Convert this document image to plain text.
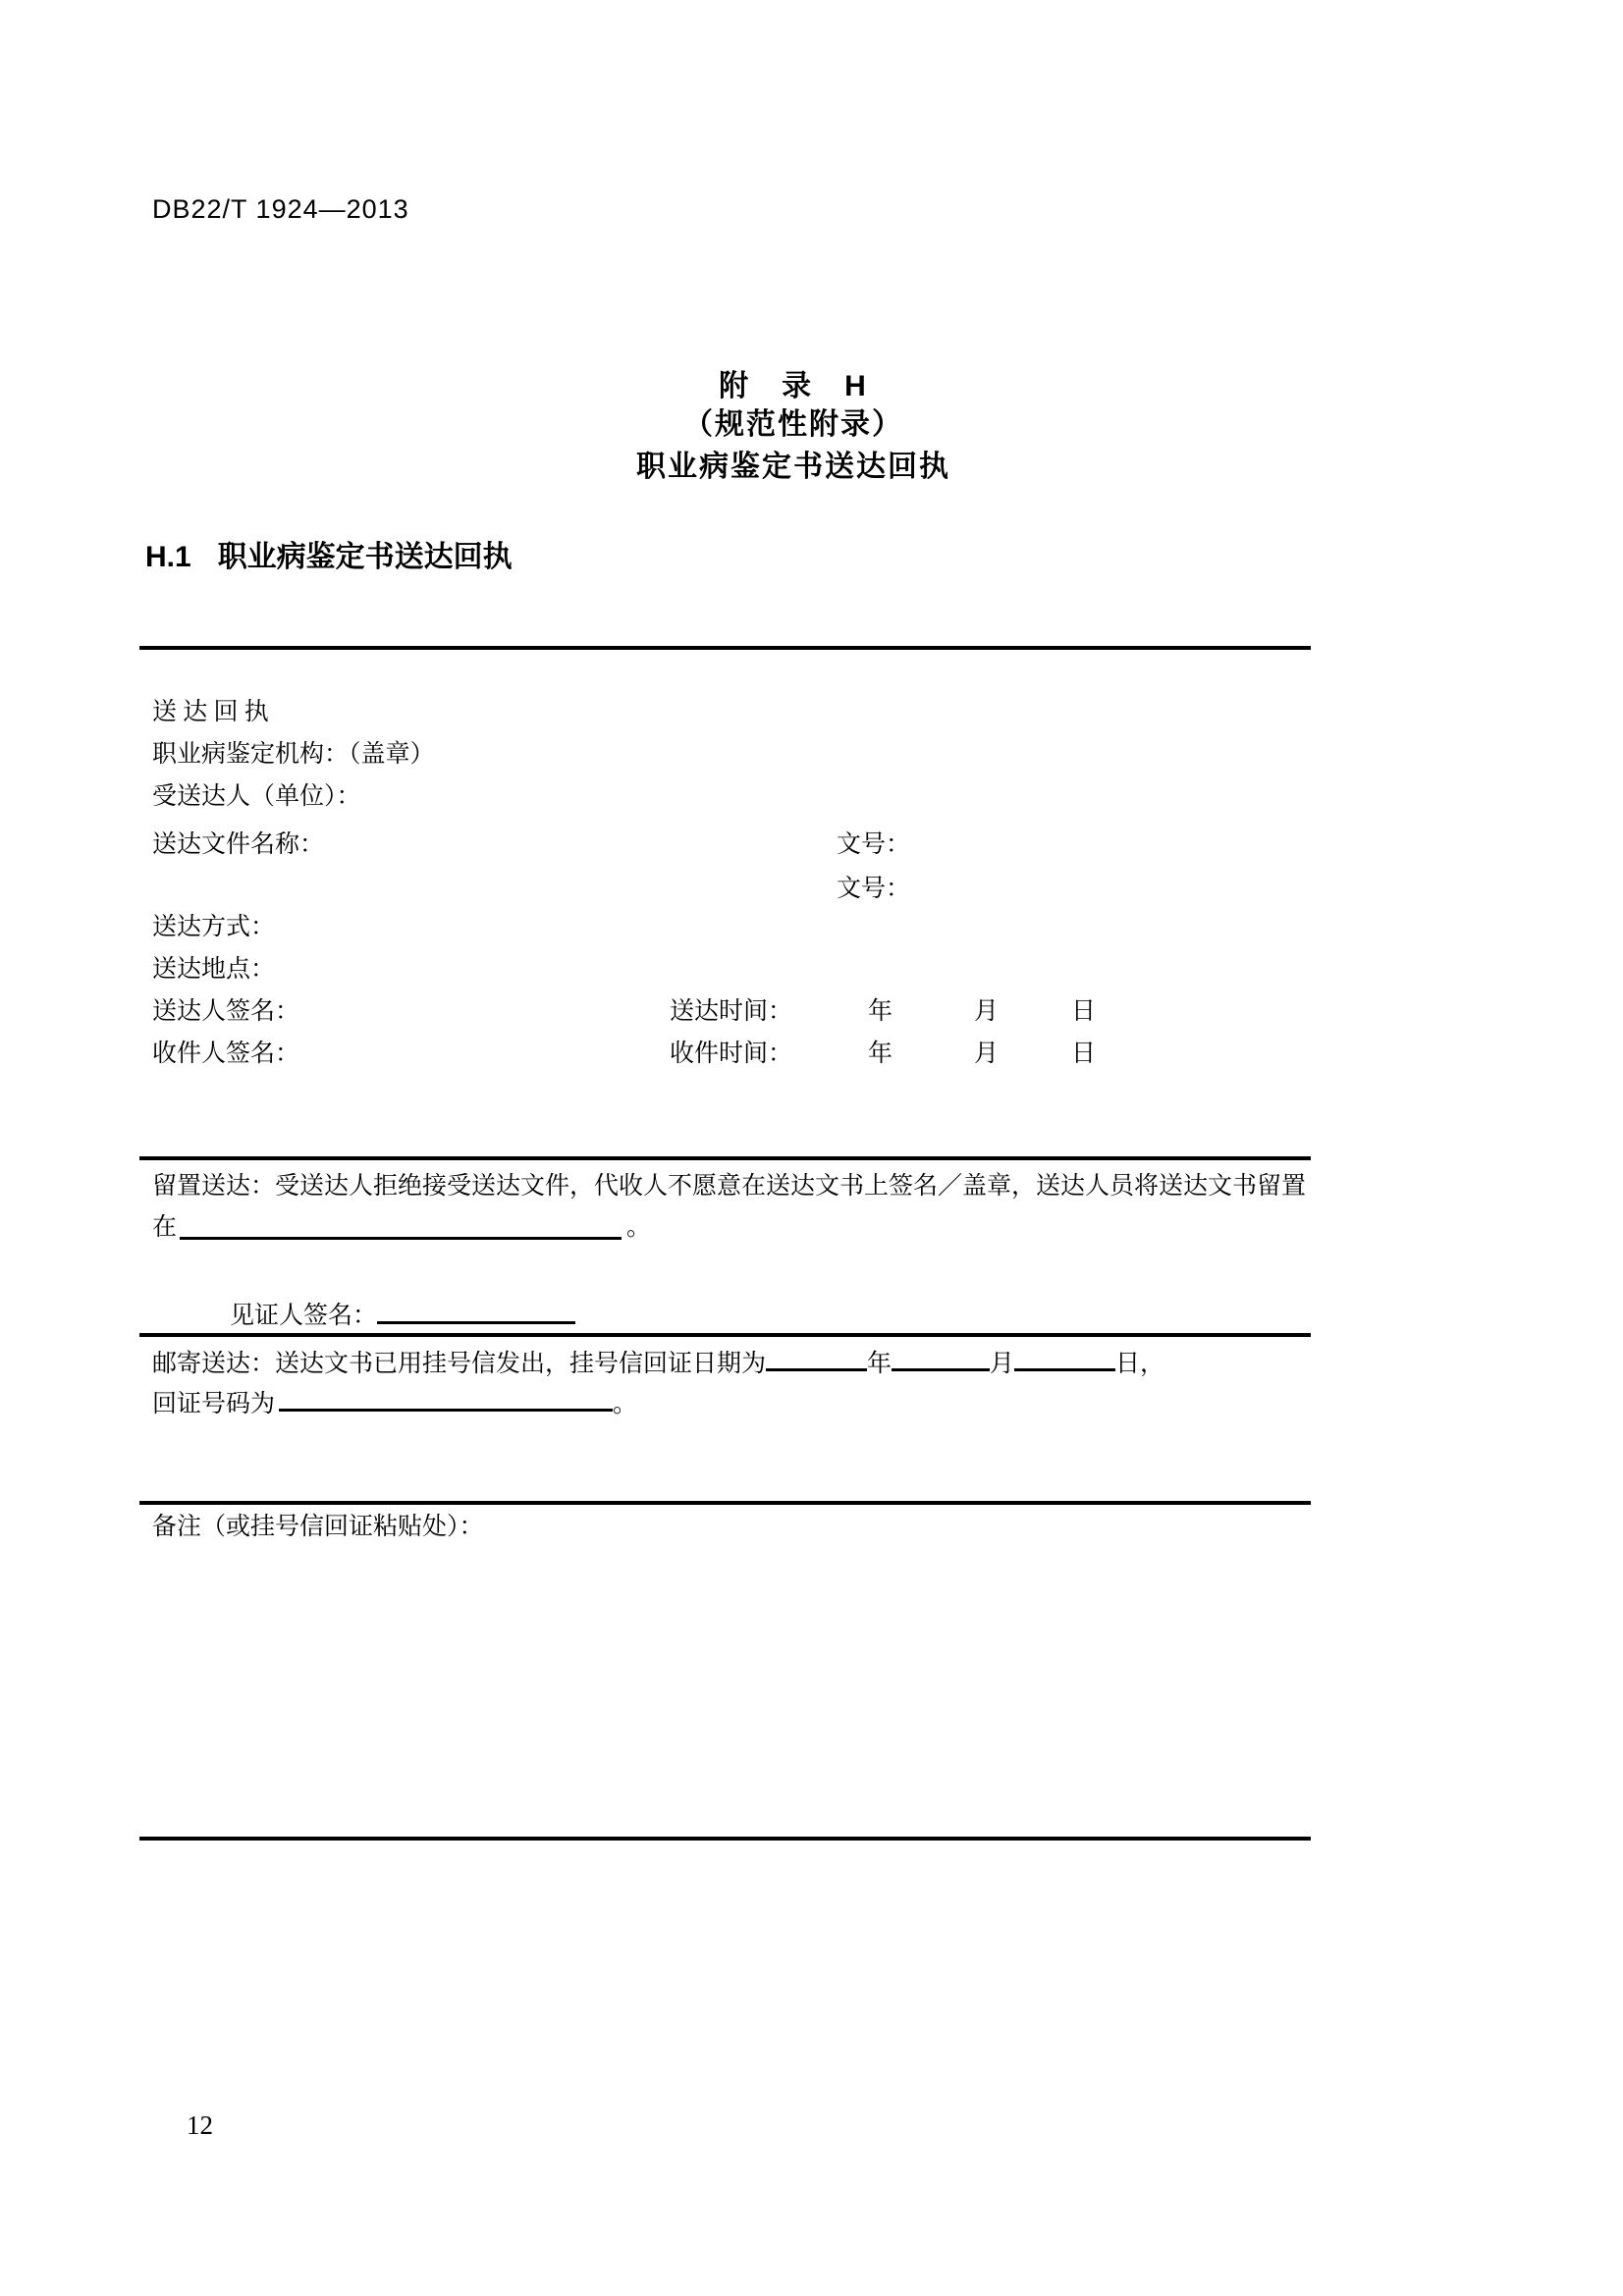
DB22/T 1924—2013
附　录　H
（规范性附录）
职业病鉴定书送达回执
H.1 职业病鉴定书送达回执
送 达 回 执
职业病鉴定机构：（盖章）
受送达人（单位）：
送达文件名称：	文号：
文号：
送达方式：
送达地点：
送达人签名：	送达时间：	年	月	日
收件人签名：	收件时间：	年	月	日
留置送达：受送达人拒绝接受送达文件，代收人不愿意在送达文书上签名／盖章，送达人员将送达文书留置
在	。
见证人签名：
邮寄送达：送达文书已用挂号信发出，挂号信回证日期为	年	月	日，
回证号码为	。
备注（或挂号信回证粘贴处）：
12
